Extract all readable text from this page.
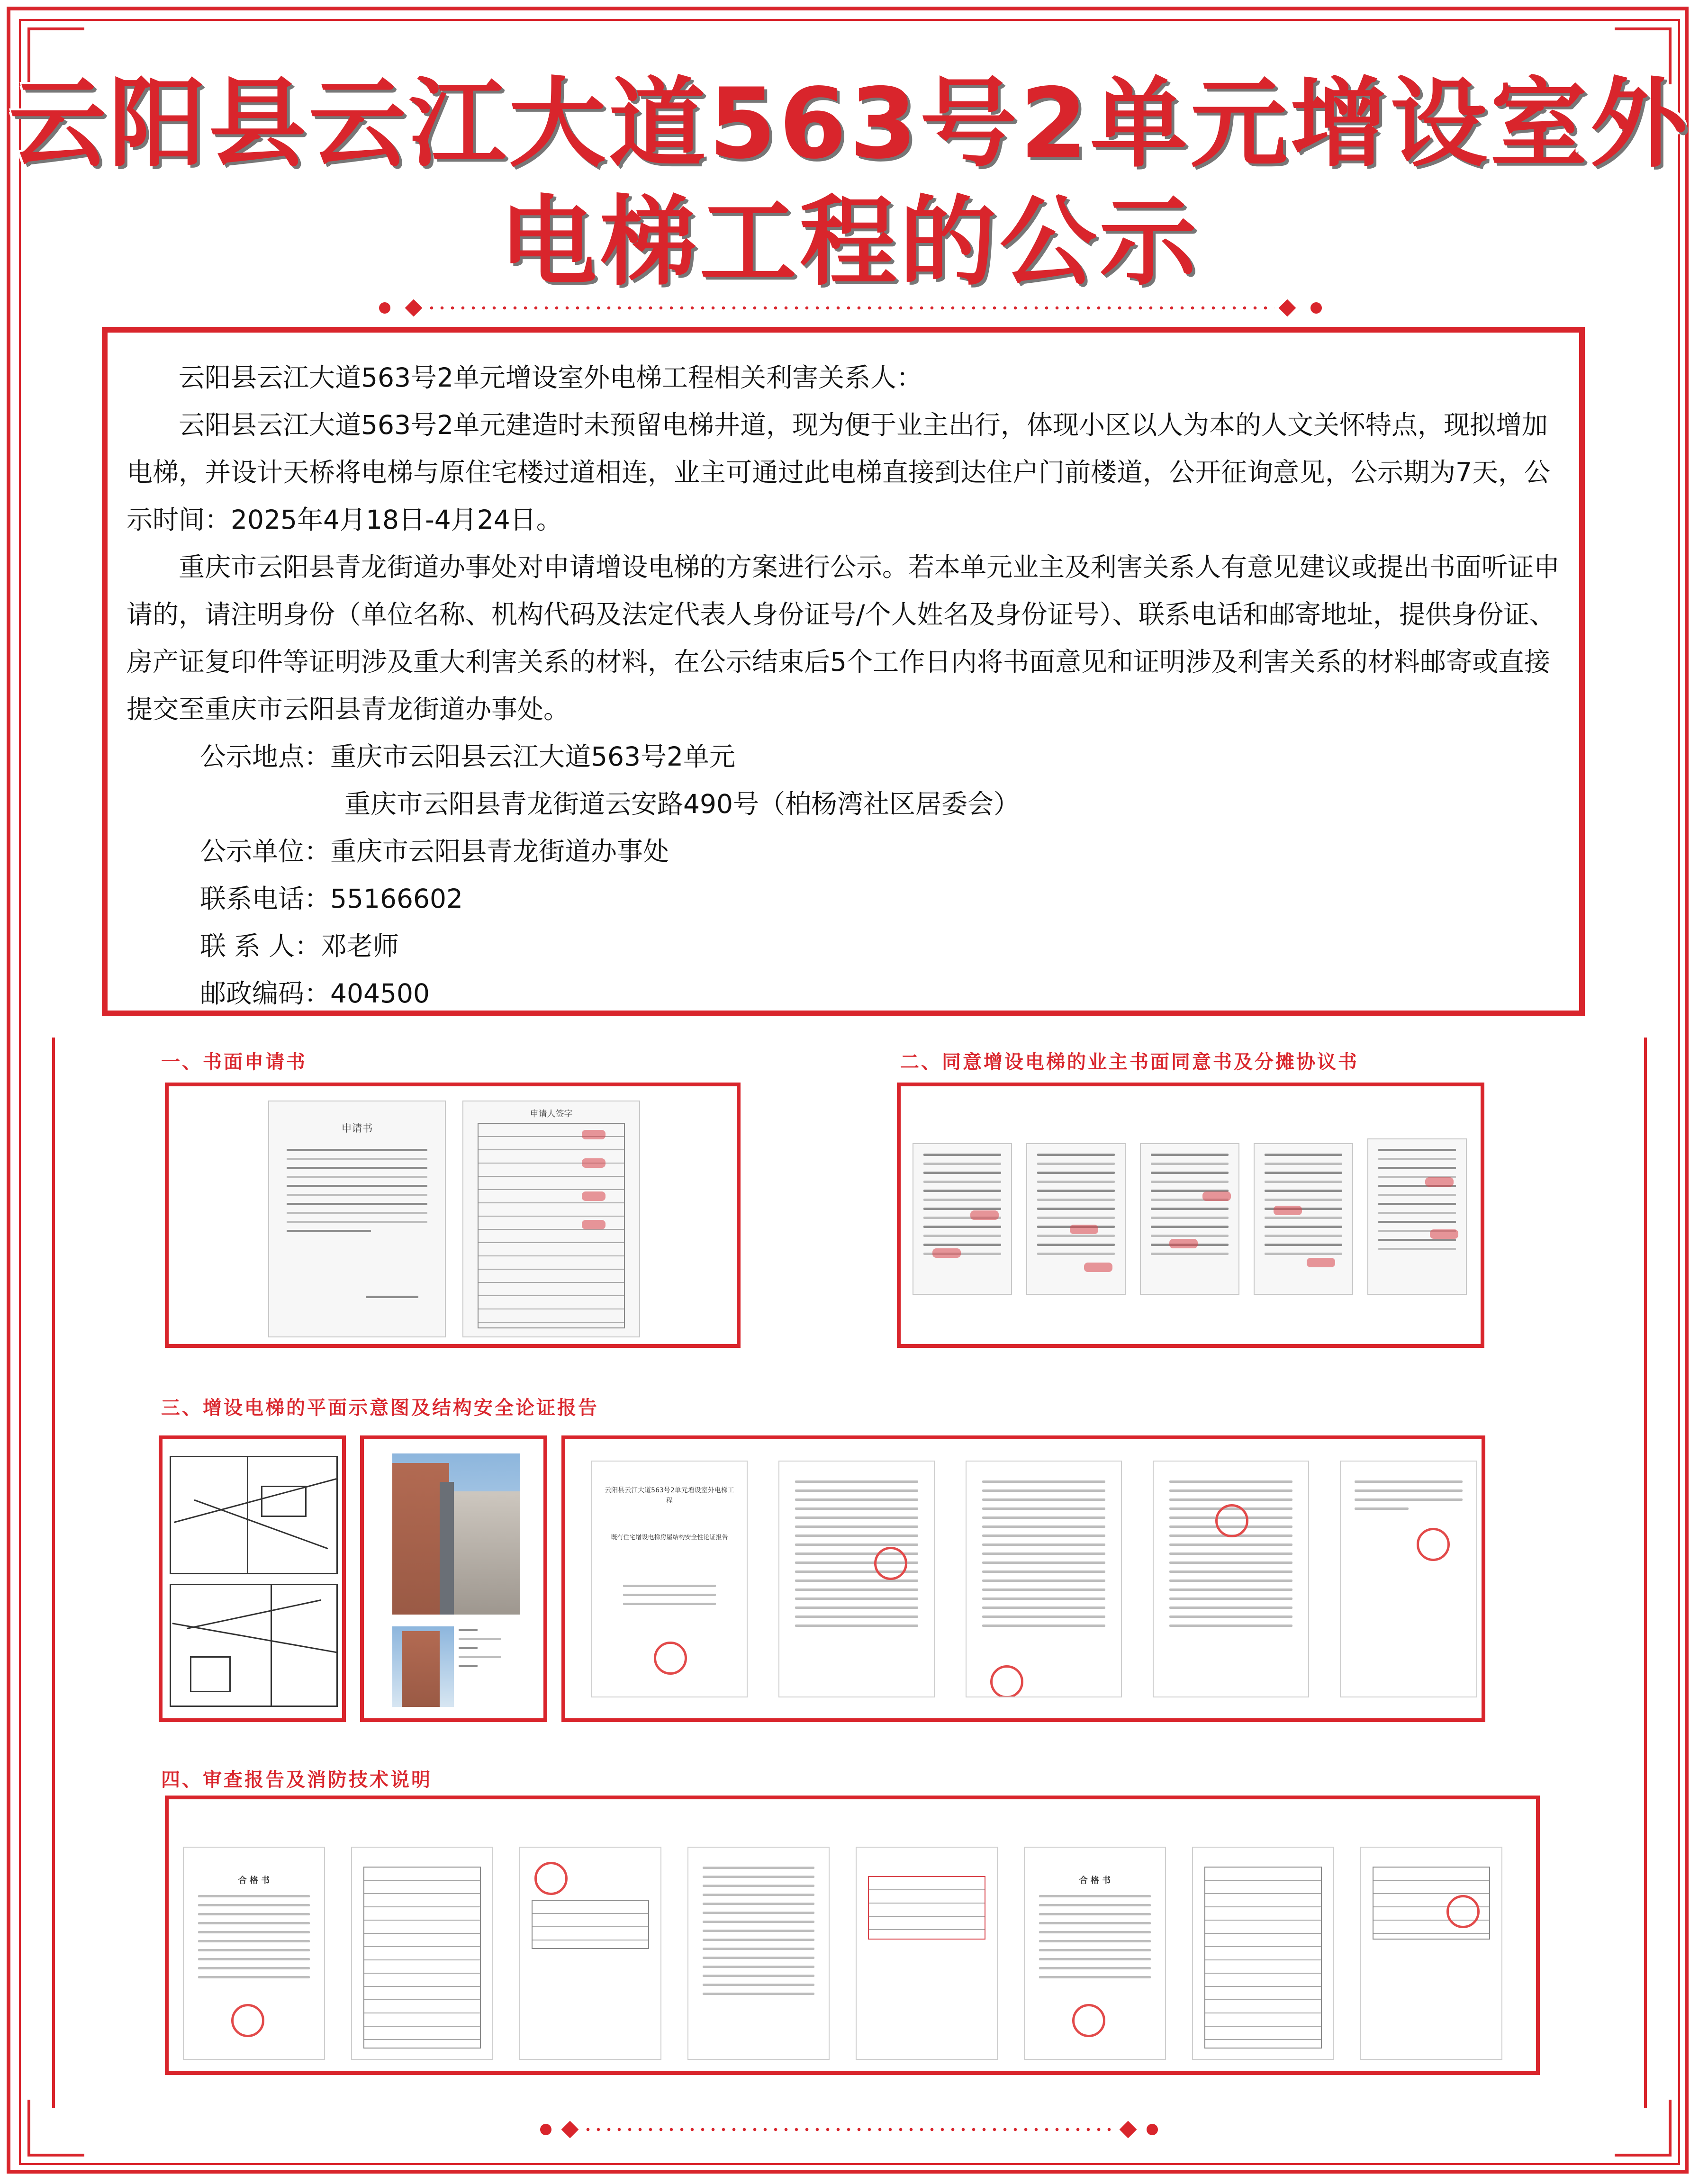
云阳县云江大道563号2单元增设室外
电梯工程的公示

云阳县云江大道563号2单元增设室外电梯工程相关利害关系人：

云阳县云江大道563号2单元建造时未预留电梯井道，现为便于业主出行，体现小区以人为本的人文关怀特点，现拟增加电梯，并设计天桥将电梯与原住宅楼过道相连，业主可通过此电梯直接到达住户门前楼道，公开征询意见，公示期为7天，公示时间：2025年4月18日-4月24日。

重庆市云阳县青龙街道办事处对申请增设电梯的方案进行公示。若本单元业主及利害关系人有意见建议或提出书面听证申请的，请注明身份（单位名称、机构代码及法定代表人身份证号/个人姓名及身份证号）、联系电话和邮寄地址，提供身份证、房产证复印件等证明涉及重大利害关系的材料，在公示结束后5个工作日内将书面意见和证明涉及利害关系的材料邮寄或直接提交至重庆市云阳县青龙街道办事处。

公示地点：重庆市云阳县云江大道563号2单元

重庆市云阳县青龙街道云安路490号（柏杨湾社区居委会）

公示单位：重庆市云阳县青龙街道办事处

联系电话：55166602

联 系 人：邓老师

邮政编码：404500

一、书面申请书
申请书
申请人签字
二、同意增设电梯的业主书面同意书及分摊协议书
三、增设电梯的平面示意图及结构安全论证报告
云阳县云江大道563号2单元增设室外电梯工程
既有住宅增设电梯房屋结构安全性论证报告
四、审查报告及消防技术说明
合 格 书	合 格 书
